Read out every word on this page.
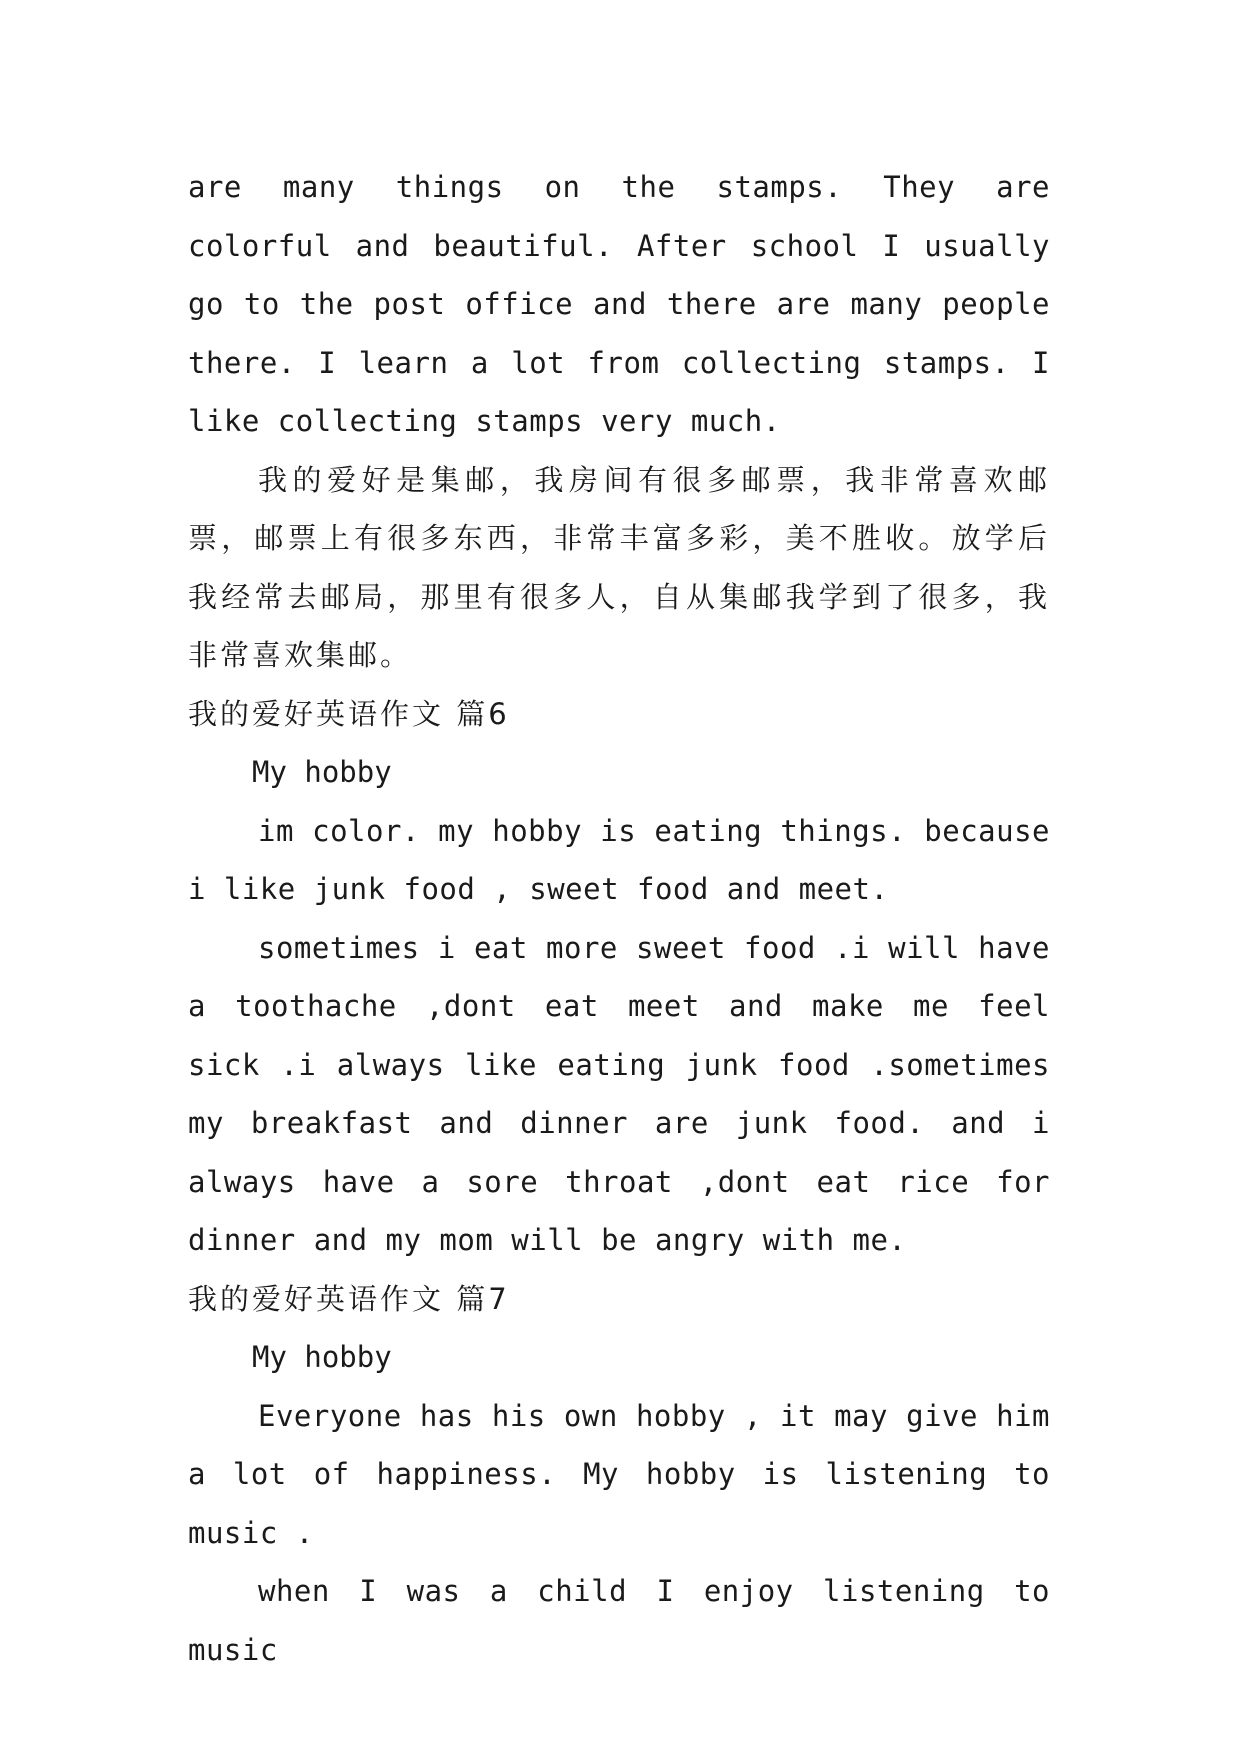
are many things on the stamps. They are colorful and beautiful. After school I usually go to the post office and there are many people there. I learn a lot from collecting stamps. I like collecting stamps very much.

我的爱好是集邮，我房间有很多邮票，我非常喜欢邮票，邮票上有很多东西，非常丰富多彩，美不胜收。放学后我经常去邮局，那里有很多人，自从集邮我学到了很多，我非常喜欢集邮。

我的爱好英语作文 篇6

My hobby

im color. my hobby is eating things. because i like junk food , sweet food and meet.

sometimes i eat more sweet food .i will have a toothache ,dont eat meet and make me feel sick .i always like eating junk food .sometimes my breakfast and dinner are junk food. and i always have a sore throat ,dont eat rice for dinner and my mom will be angry with me.

我的爱好英语作文 篇7

My hobby

Everyone has his own hobby , it may give him a lot of happiness. My hobby is listening to music .

when I was a child I enjoy listening to music
